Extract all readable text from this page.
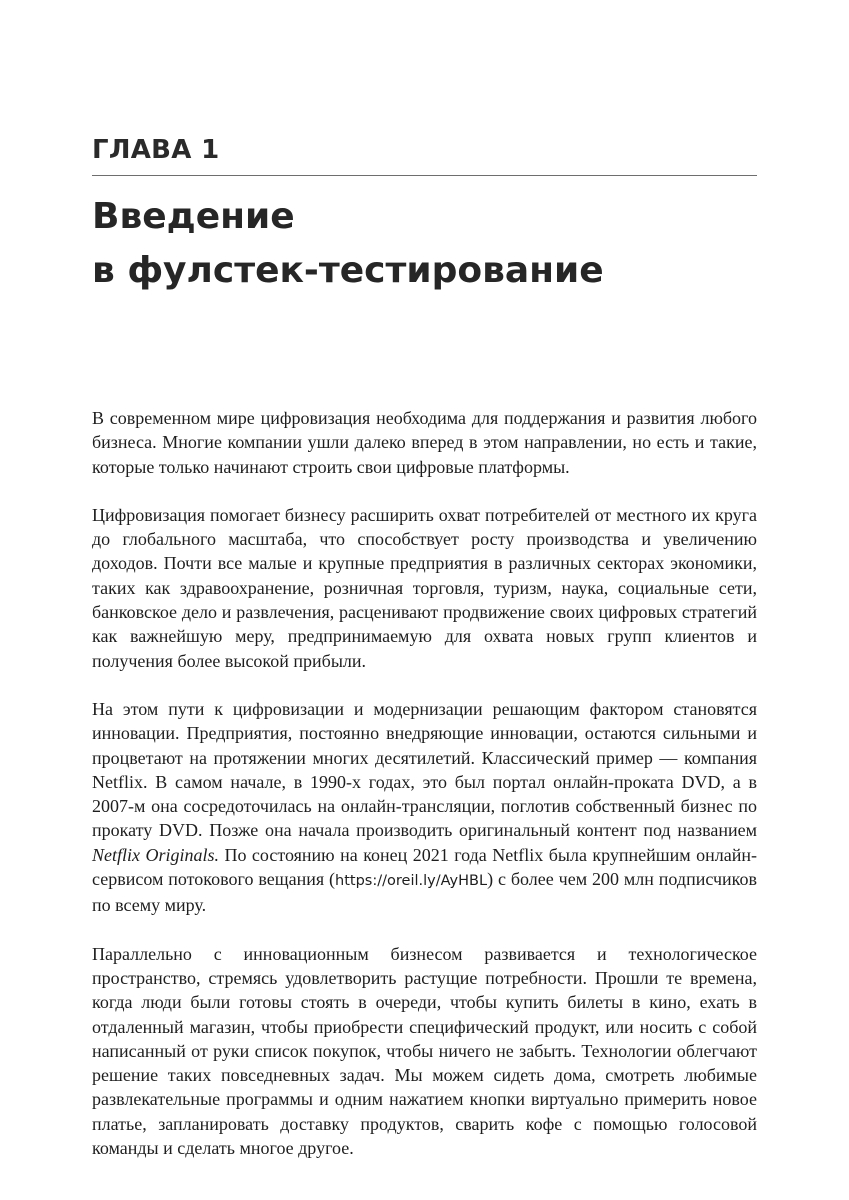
ГЛАВА 1
Введение
в фулстек-тестирование

В современном мире цифровизация необходима для поддержания и развития любого бизнеса. Многие компании ушли далеко вперед в этом направлении, но есть и такие, которые только начинают строить свои цифровые платформы.

Цифровизация помогает бизнесу расширить охват потребителей от местного их круга до глобального масштаба, что способствует росту производства и увеличению доходов. Почти все малые и крупные предприятия в различных секторах экономики, таких как здравоохранение, розничная торговля, туризм, наука, социальные сети, банковское дело и развлечения, расценивают продвижение своих цифровых стратегий как важнейшую меру, предпринимаемую для охвата новых групп клиентов и получения более высокой прибыли.

На этом пути к цифровизации и модернизации решающим фактором становятся инновации. Предприятия, постоянно внедряющие инновации, остаются сильными и процветают на протяжении многих десятилетий. Классический пример — компания Netflix. В самом начале, в 1990-х годах, это был портал онлайн-проката DVD, а в 2007-м она сосредоточилась на онлайн-трансляции, поглотив собственный бизнес по прокату DVD. Позже она начала производить оригинальный контент под названием Netflix Originals. По состоянию на конец 2021 года Netflix была крупнейшим онлайн-сервисом потокового вещания (https://oreil.ly/AyHBL) с более чем 200 млн подписчиков по всему миру.

Параллельно с инновационным бизнесом развивается и технологическое пространство, стремясь удовлетворить растущие потребности. Прошли те времена, когда люди были готовы стоять в очереди, чтобы купить билеты в кино, ехать в отдаленный магазин, чтобы приобрести специфический продукт, или носить с собой написанный от руки список покупок, чтобы ничего не забыть. Технологии облегчают решение таких повседневных задач. Мы можем сидеть дома, смотреть любимые развлекательные программы и одним нажатием кнопки виртуально примерить новое платье, запланировать доставку продуктов, сварить кофе с помощью голосовой команды и сделать многое другое.
